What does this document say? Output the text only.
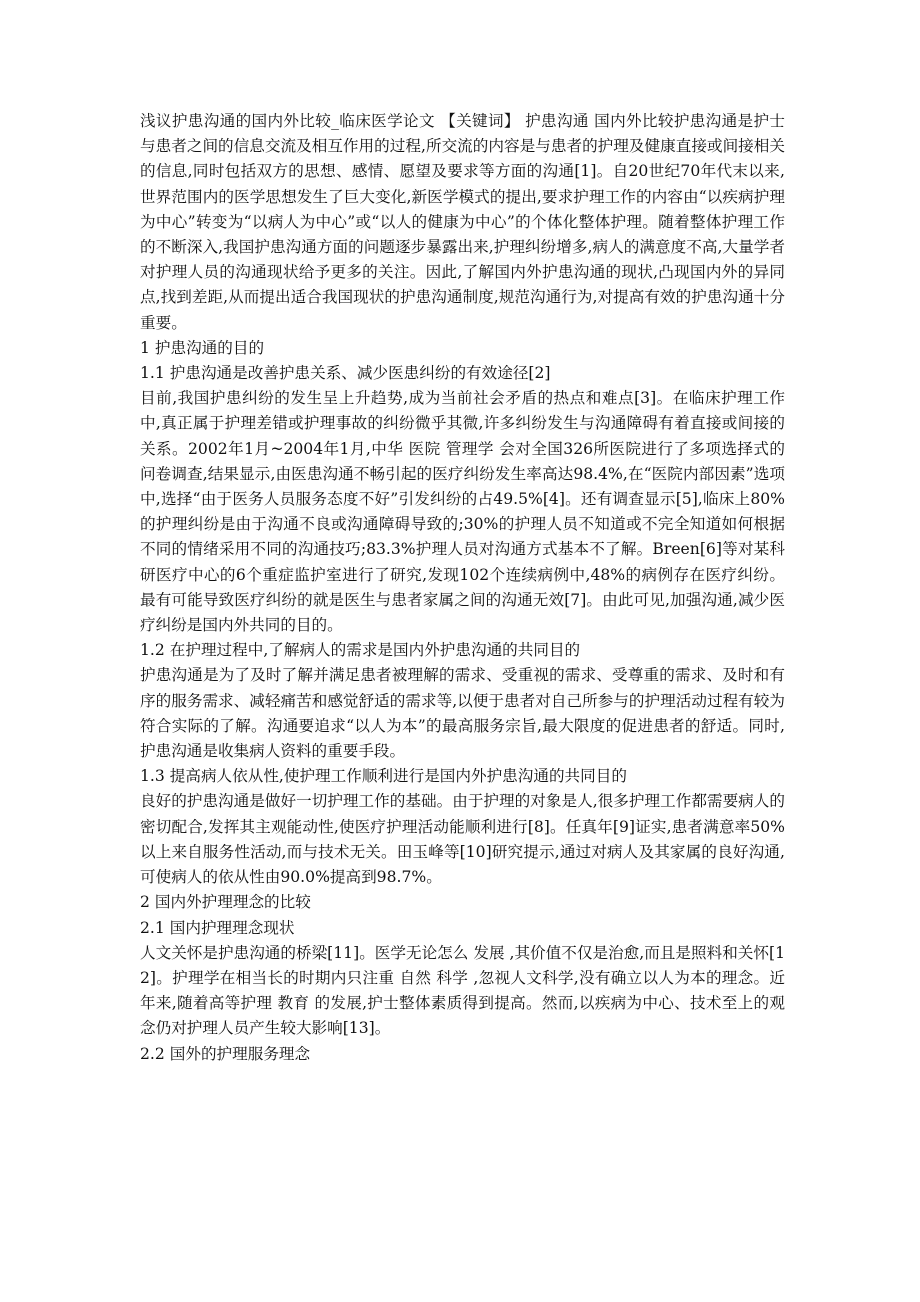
浅议护患沟通的国内外比较_临床医学论文 【关键词】 护患沟通 国内外比较护患沟通是护士与患者之间的信息交流及相互作用的过程,所交流的内容是与患者的护理及健康直接或间接相关的信息,同时包括双方的思想、感情、愿望及要求等方面的沟通[1]。自20世纪70年代末以来,世界范围内的医学思想发生了巨大变化,新医学模式的提出,要求护理工作的内容由“以疾病护理为中心”转变为“以病人为中心”或“以人的健康为中心”的个体化整体护理。随着整体护理工作的不断深入,我国护患沟通方面的问题逐步暴露出来,护理纠纷增多,病人的满意度不高,大量学者对护理人员的沟通现状给予更多的关注。因此,了解国内外护患沟通的现状,凸现国内外的异同点,找到差距,从而提出适合我国现状的护患沟通制度,规范沟通行为,对提高有效的护患沟通十分重要。

1 护患沟通的目的

1.1 护患沟通是改善护患关系、减少医患纠纷的有效途径[2]

目前,我国护患纠纷的发生呈上升趋势,成为当前社会矛盾的热点和难点[3]。在临床护理工作中,真正属于护理差错或护理事故的纠纷微乎其微,许多纠纷发生与沟通障碍有着直接或间接的关系。2002年1月~2004年1月,中华 医院 管理学 会对全国326所医院进行了多项选择式的问卷调查,结果显示,由医患沟通不畅引起的医疗纠纷发生率高达98.4%,在“医院内部因素”选项中,选择“由于医务人员服务态度不好”引发纠纷的占49.5%[4]。还有调查显示[5],临床上80%的护理纠纷是由于沟通不良或沟通障碍导致的;30%的护理人员不知道或不完全知道如何根据不同的情绪采用不同的沟通技巧;83.3%护理人员对沟通方式基本不了解。Breen[6]等对某科研医疗中心的6个重症监护室进行了研究,发现102个连续病例中,48%的病例存在医疗纠纷。最有可能导致医疗纠纷的就是医生与患者家属之间的沟通无效[7]。由此可见,加强沟通,减少医疗纠纷是国内外共同的目的。

1.2 在护理过程中,了解病人的需求是国内外护患沟通的共同目的

护患沟通是为了及时了解并满足患者被理解的需求、受重视的需求、受尊重的需求、及时和有序的服务需求、减轻痛苦和感觉舒适的需求等,以便于患者对自己所参与的护理活动过程有较为符合实际的了解。沟通要追求“以人为本”的最高服务宗旨,最大限度的促进患者的舒适。同时,护患沟通是收集病人资料的重要手段。

1.3 提高病人依从性,使护理工作顺利进行是国内外护患沟通的共同目的

良好的护患沟通是做好一切护理工作的基础。由于护理的对象是人,很多护理工作都需要病人的密切配合,发挥其主观能动性,使医疗护理活动能顺利进行[8]。任真年[9]证实,患者满意率50%以上来自服务性活动,而与技术无关。田玉峰等[10]研究提示,通过对病人及其家属的良好沟通,可使病人的依从性由90.0%提高到98.7%。

2 国内外护理理念的比较

2.1 国内护理理念现状

人文关怀是护患沟通的桥梁[11]。医学无论怎么 发展 ,其价值不仅是治愈,而且是照料和关怀[12]。护理学在相当长的时期内只注重 自然 科学 ,忽视人文科学,没有确立以人为本的理念。近年来,随着高等护理 教育 的发展,护士整体素质得到提高。然而,以疾病为中心、技术至上的观念仍对护理人员产生较大影响[13]。

2.2 国外的护理服务理念
